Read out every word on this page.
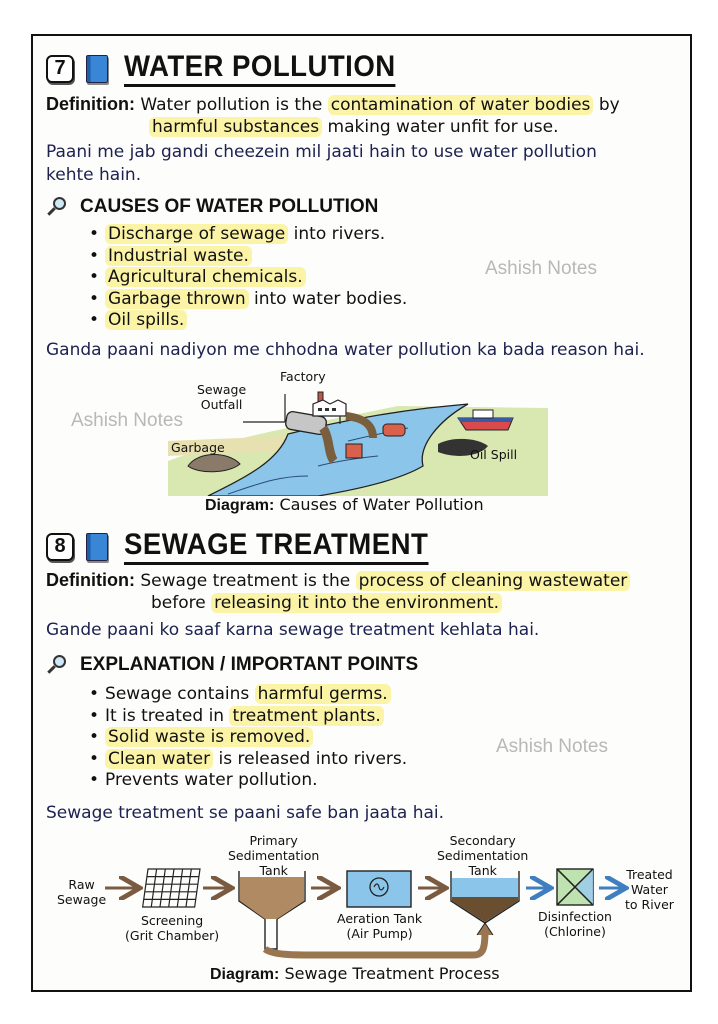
7 WATER POLLUTION
Definition: Water pollution is the contamination of water bodies by
harmful substances making water unfit for use.
Paani me jab gandi cheezein mil jaati hain to use water pollution
kehte hain.
CAUSES OF WATER POLLUTION
• Discharge of sewage into rivers.
• Industrial waste.
• Agricultural chemicals.
• Garbage thrown into water bodies.
• Oil spills.
Ashish Notes
Ganda paani nadiyon me chhodna water pollution ka bada reason hai.
Ashish Notes
Factory
Sewage
Outfall
Garbage	Oil Spill
Diagram: Causes of Water Pollution
8 SEWAGE TREATMENT
Definition: Sewage treatment is the process of cleaning wastewater
before releasing it into the environment.
Gande paani ko saaf karna sewage treatment kehlata hai.
EXPLANATION / IMPORTANT POINTS
• Sewage contains harmful germs.
• It is treated in treatment plants.
• Solid waste is removed.
• Clean water is released into rivers.
• Prevents water pollution.
Ashish Notes
Sewage treatment se paani safe ban jaata hai.
Raw
Sewage
Screening
(Grit Chamber)
Primary
Sedimentation
Tank
Aeration Tank
(Air Pump)
Secondary
Sedimentation
Tank
Disinfection
(Chlorine)
Treated
Water
to River
Diagram: Sewage Treatment Process
